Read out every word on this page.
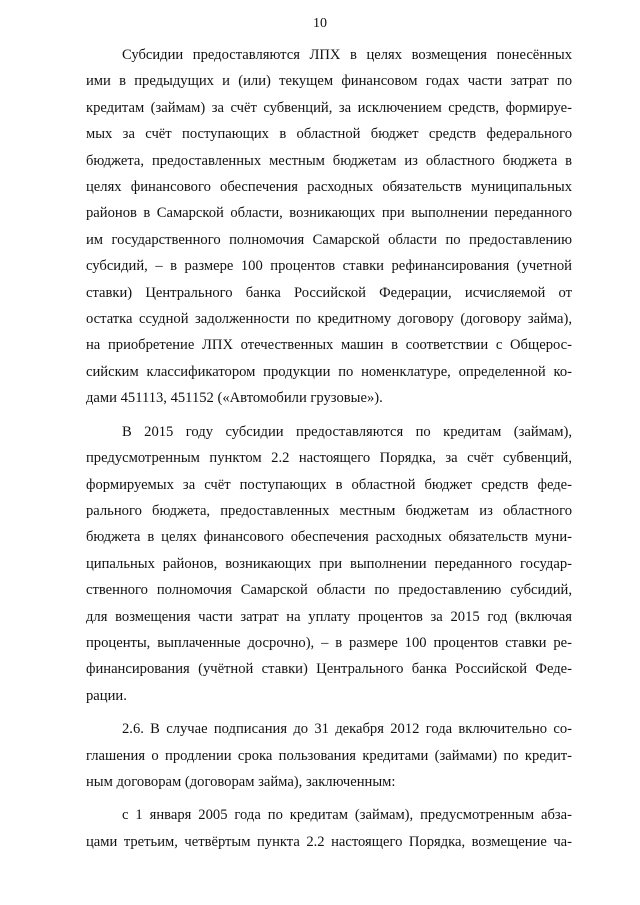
10

Субсидии предоставляются ЛПХ в целях возмещения понесённых
ими в предыдущих и (или) текущем финансовом годах части затрат по
кредитам (займам) за счёт субвенций, за исключением средств, формируе-
мых за счёт поступающих в областной бюджет средств федерального
бюджета, предоставленных местным бюджетам из областного бюджета в
целях финансового обеспечения расходных обязательств муниципальных
районов в Самарской области, возникающих при выполнении переданного
им государственного полномочия Самарской области по предоставлению
субсидий, – в размере 100 процентов ставки рефинансирования (учетной
ставки) Центрального банка Российской Федерации, исчисляемой от
остатка ссудной задолженности по кредитному договору (договору займа),
на приобретение ЛПХ отечественных машин в соответствии с Общерос-
сийским классификатором продукции по номенклатуре, определенной ко-
дами 451113, 451152 («Автомобили грузовые»).

В 2015 году субсидии предоставляются по кредитам (займам),
предусмотренным пунктом 2.2 настоящего Порядка, за счёт субвенций,
формируемых за счёт поступающих в областной бюджет средств феде-
рального бюджета, предоставленных местным бюджетам из областного
бюджета в целях финансового обеспечения расходных обязательств муни-
ципальных районов, возникающих при выполнении переданного государ-
ственного полномочия Самарской области по предоставлению субсидий,
для возмещения части затрат на уплату процентов за 2015 год (включая
проценты, выплаченные досрочно), – в размере 100 процентов ставки ре-
финансирования (учётной ставки) Центрального банка Российской Феде-
рации.

2.6. В случае подписания до 31 декабря 2012 года включительно со-
глашения о продлении срока пользования кредитами (займами) по кредит-
ным договорам (договорам займа), заключенным:

с 1 января 2005 года по кредитам (займам), предусмотренным абза-
цами третьим, четвёртым пункта 2.2 настоящего Порядка, возмещение ча-
